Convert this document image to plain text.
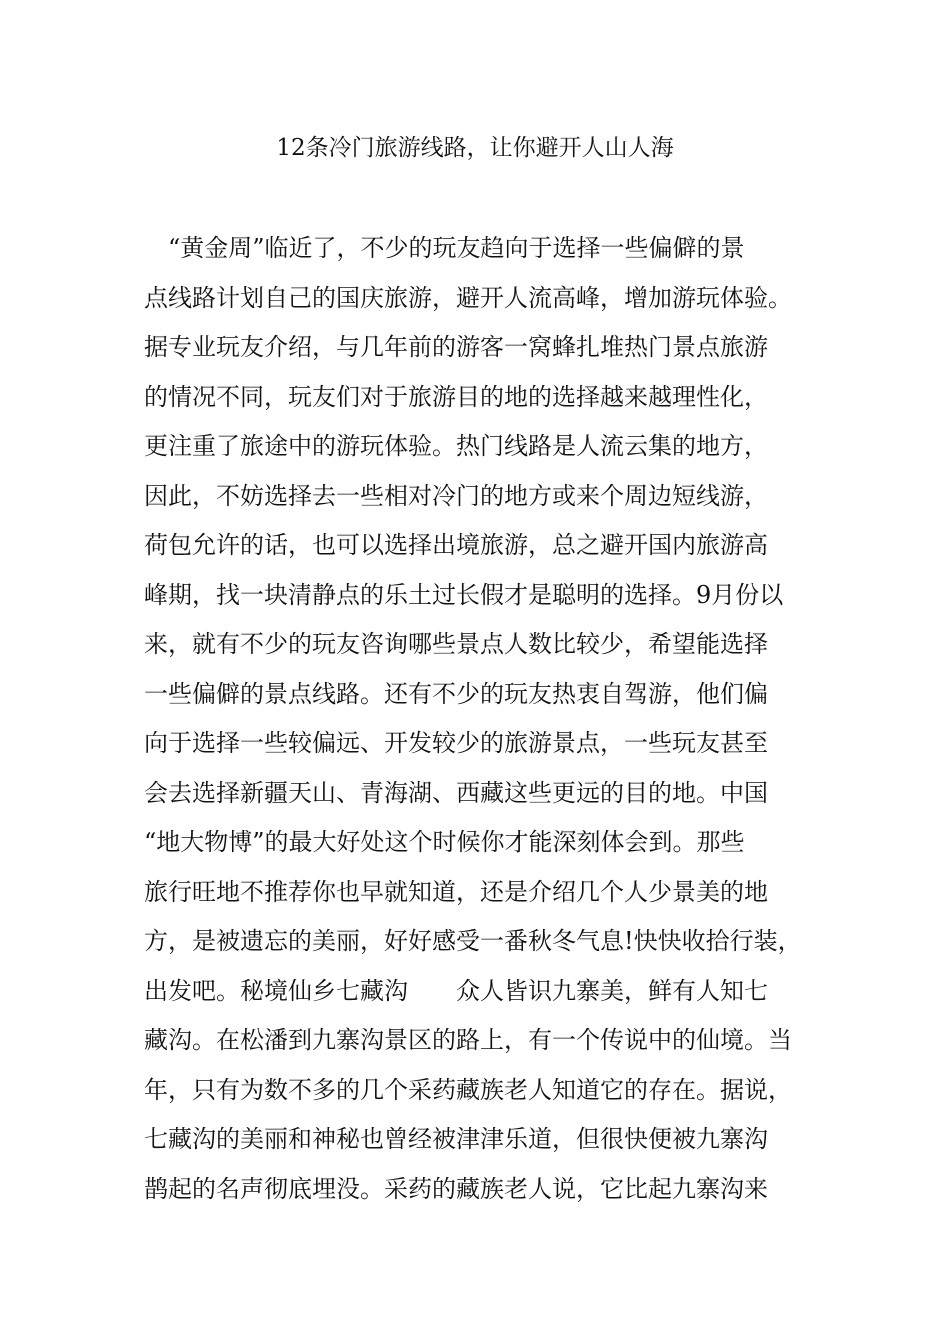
12条冷门旅游线路，让你避开人山人海
“黄金周”临近了，不少的玩友趋向于选择一些偏僻的景
点线路计划自己的国庆旅游，避开人流高峰，增加游玩体验。
据专业玩友介绍，与几年前的游客一窝蜂扎堆热门景点旅游
的情况不同，玩友们对于旅游目的地的选择越来越理性化，
更注重了旅途中的游玩体验。热门线路是人流云集的地方，
因此，不妨选择去一些相对冷门的地方或来个周边短线游，
荷包允许的话，也可以选择出境旅游，总之避开国内旅游高
峰期，找一块清静点的乐土过长假才是聪明的选择。9月份以
来，就有不少的玩友咨询哪些景点人数比较少，希望能选择
一些偏僻的景点线路。还有不少的玩友热衷自驾游，他们偏
向于选择一些较偏远、开发较少的旅游景点，一些玩友甚至
会去选择新疆天山、青海湖、西藏这些更远的目的地。中国
“地大物博”的最大好处这个时候你才能深刻体会到。那些
旅行旺地不推荐你也早就知道，还是介绍几个人少景美的地
方，是被遗忘的美丽，好好感受一番秋冬气息!快快收拾行装，
出发吧。秘境仙乡七藏沟　　众人皆识九寨美，鲜有人知七
藏沟。在松潘到九寨沟景区的路上，有一个传说中的仙境。当
年，只有为数不多的几个采药藏族老人知道它的存在。据说，
七藏沟的美丽和神秘也曾经被津津乐道，但很快便被九寨沟
鹊起的名声彻底埋没。采药的藏族老人说，它比起九寨沟来
